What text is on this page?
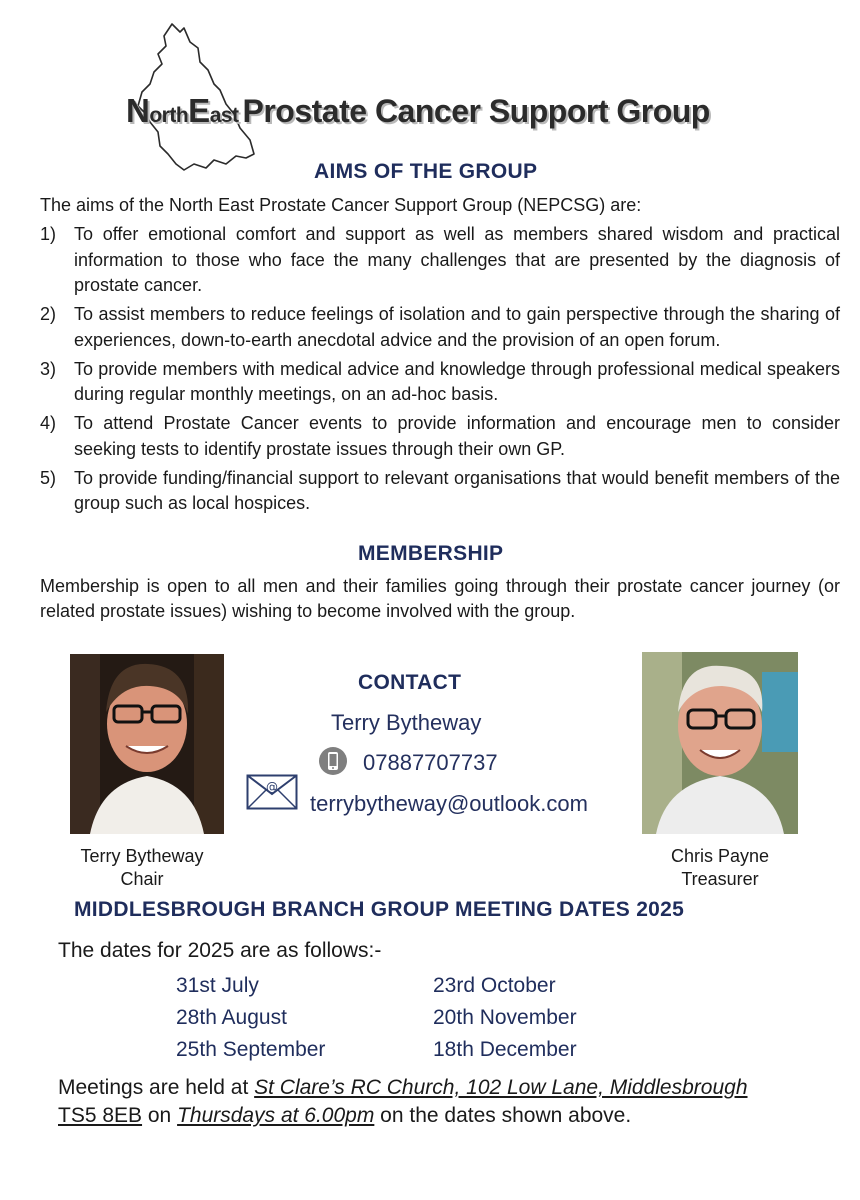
NorthEast Prostate Cancer Support Group
AIMS OF THE GROUP
The aims of the North East Prostate Cancer Support Group (NEPCSG) are:
1) To offer emotional comfort and support as well as members shared wisdom and practical information to those who face the many challenges that are presented by the diagnosis of prostate cancer.
2) To assist members to reduce feelings of isolation and to gain perspective through the sharing of experiences, down-to-earth anecdotal advice and the provision of an open forum.
3) To provide members with medical advice and knowledge through professional medical speakers during regular monthly meetings, on an ad-hoc basis.
4) To attend Prostate Cancer events to provide information and encourage men to consider seeking tests to identify prostate issues through their own GP.
5) To provide funding/financial support to relevant organisations that would benefit members of the group such as local hospices.
MEMBERSHIP
Membership is open to all men and their families going through their prostate cancer journey (or related prostate issues) wishing to become involved with the group.
Terry Bytheway
Chair
Chris Payne
Treasurer
CONTACT
Terry Bytheway
07887707737
@
terrybytheway@outlook.com
MIDDLESBROUGH BRANCH GROUP MEETING DATES 2025
The dates for 2025 are as follows:-
31st July
28th August
25th September
23rd October
20th November
18th December
Meetings are held at St Clare’s RC Church, 102 Low Lane, Middlesbrough
TS5 8EB on Thursdays at 6.00pm on the dates shown above.
